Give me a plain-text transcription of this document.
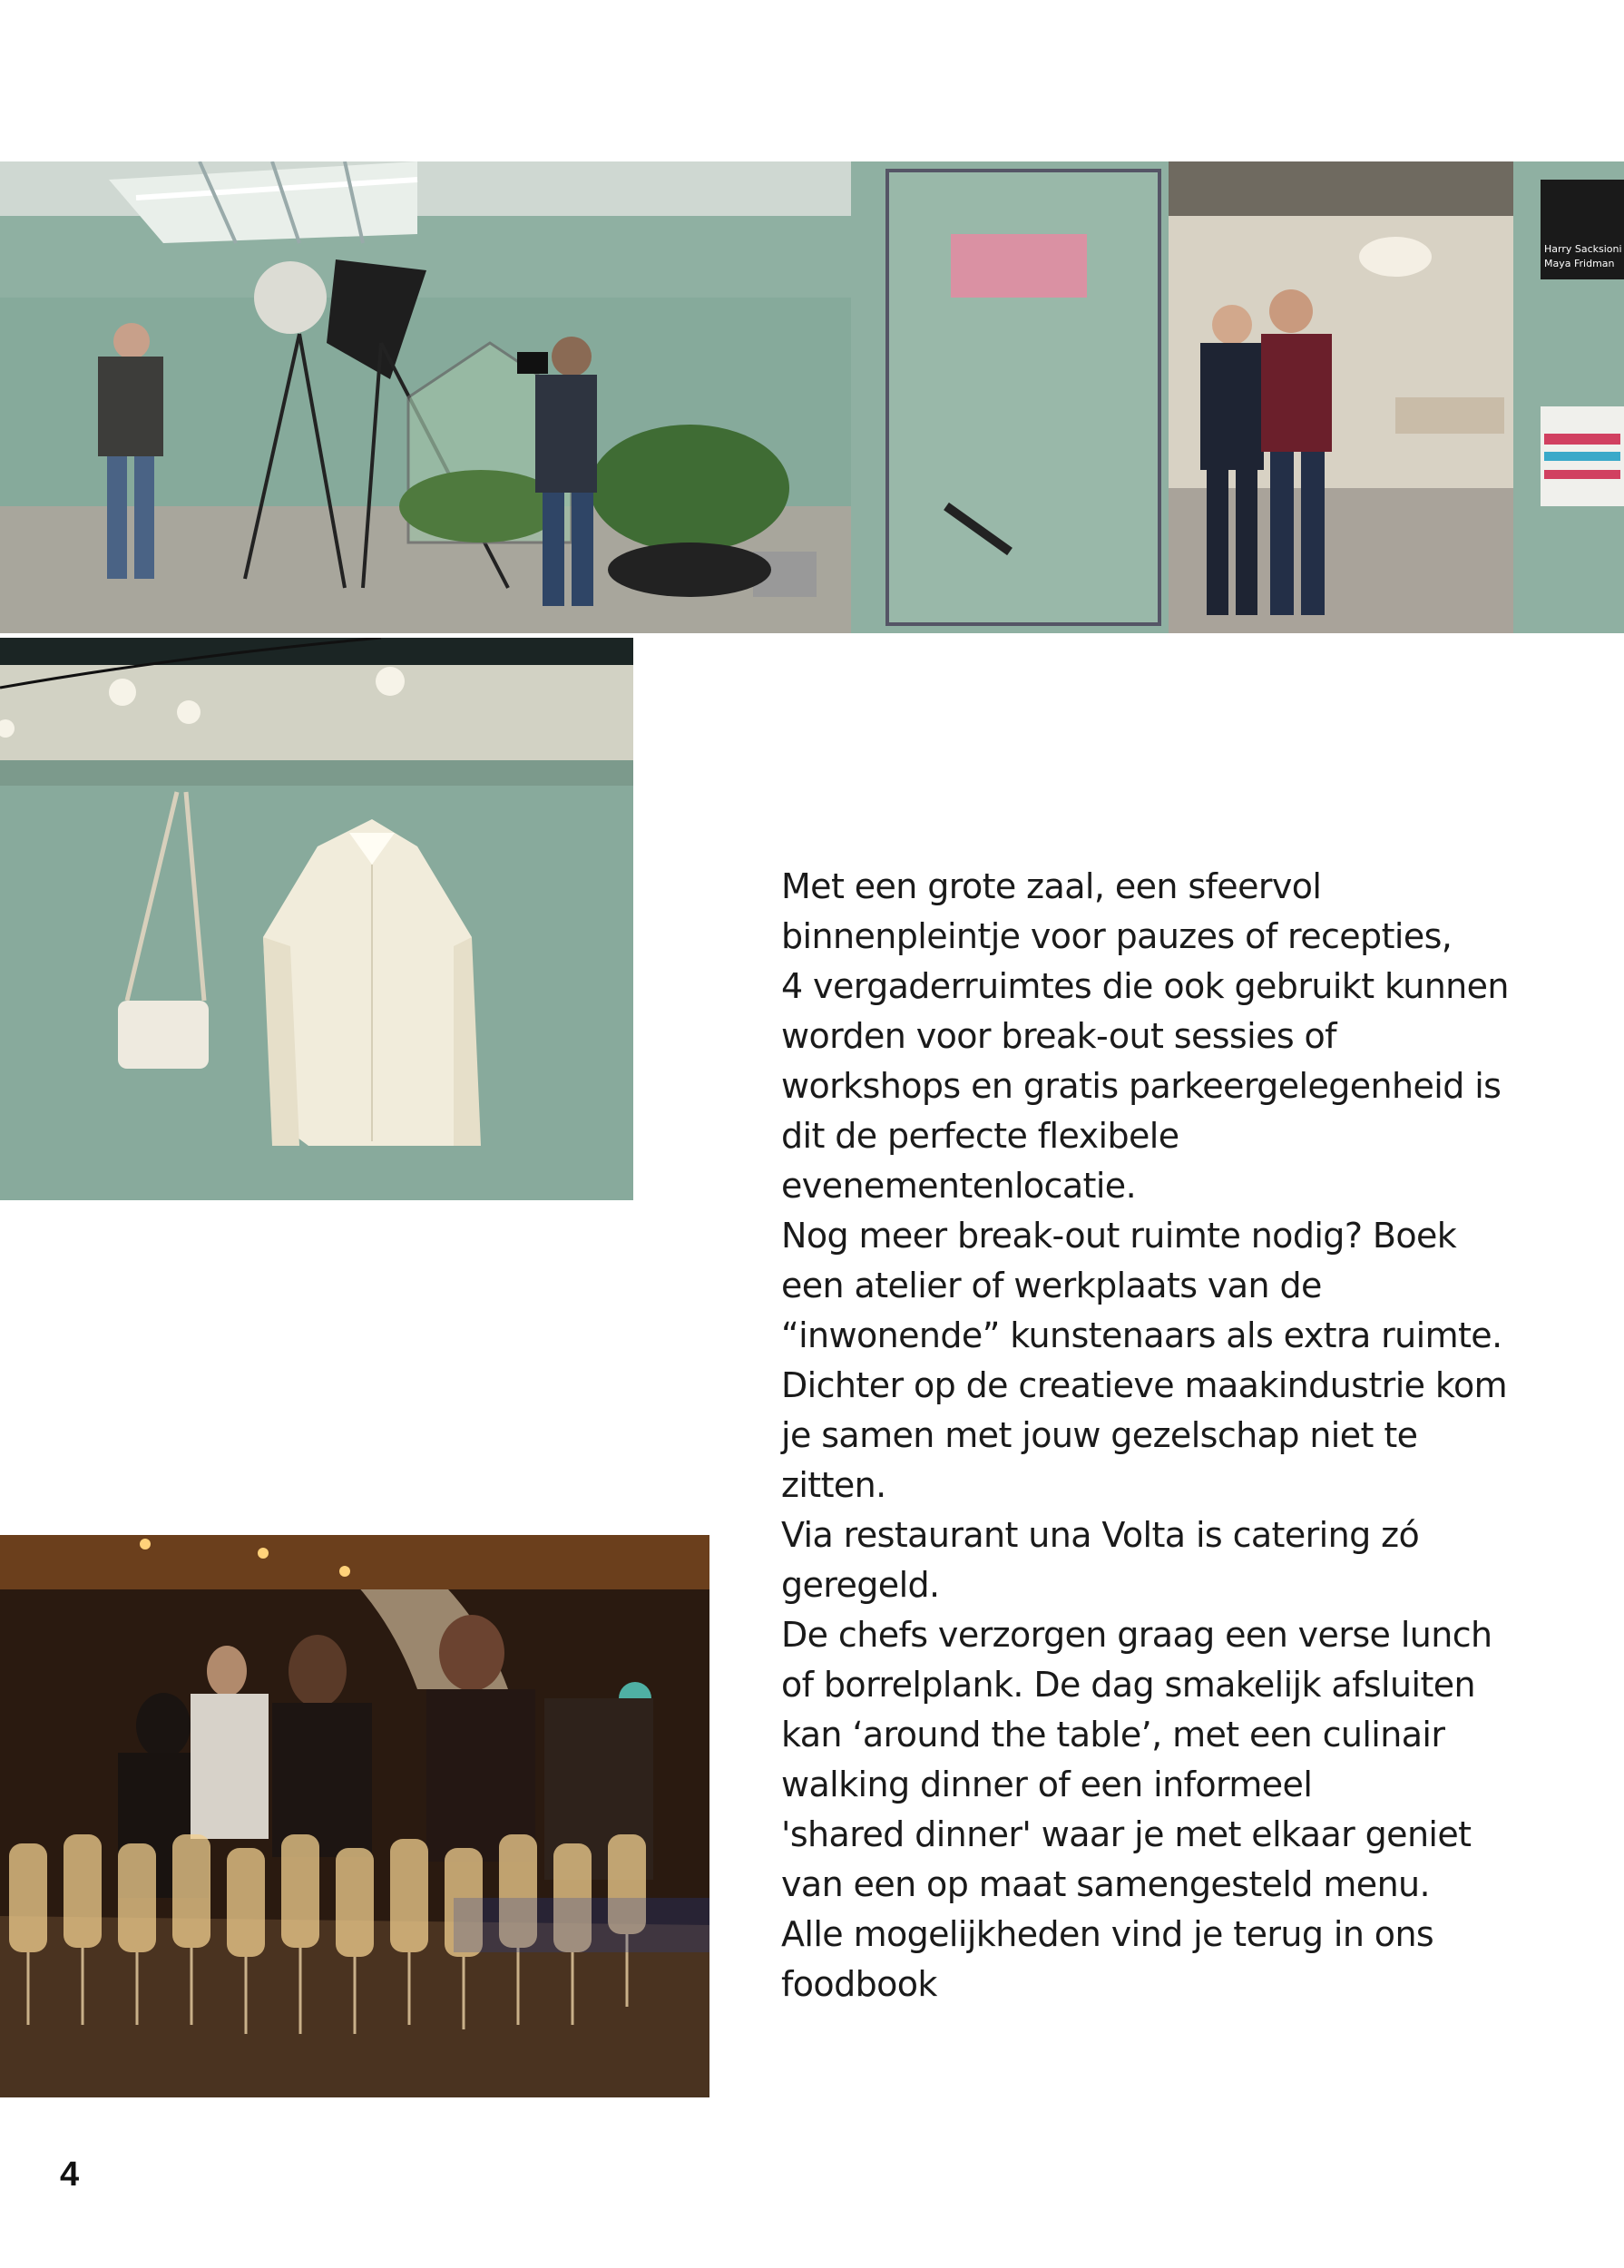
Harry Sacksioni
Maya Fridman

Met een grote zaal, een sfeervol
binnenpleintje voor pauzes of recepties,
4 vergaderruimtes die ook gebruikt kunnen
worden voor break-out sessies of
workshops en gratis parkeergelegenheid is
dit de perfecte flexibele
evenementenlocatie.
Nog meer break-out ruimte nodig? Boek
een atelier of werkplaats van de
“inwonende” kunstenaars als extra ruimte.
Dichter op de creatieve maakindustrie kom
je samen met jouw gezelschap niet te
zitten.
Via restaurant una Volta is catering zó
geregeld.
De chefs verzorgen graag een verse lunch
of borrelplank. De dag smakelijk afsluiten
kan ‘around the table’, met een culinair
walking dinner of een informeel
'shared dinner' waar je met elkaar geniet
van een op maat samengesteld menu.
Alle mogelijkheden vind je terug in ons
foodbook

4
